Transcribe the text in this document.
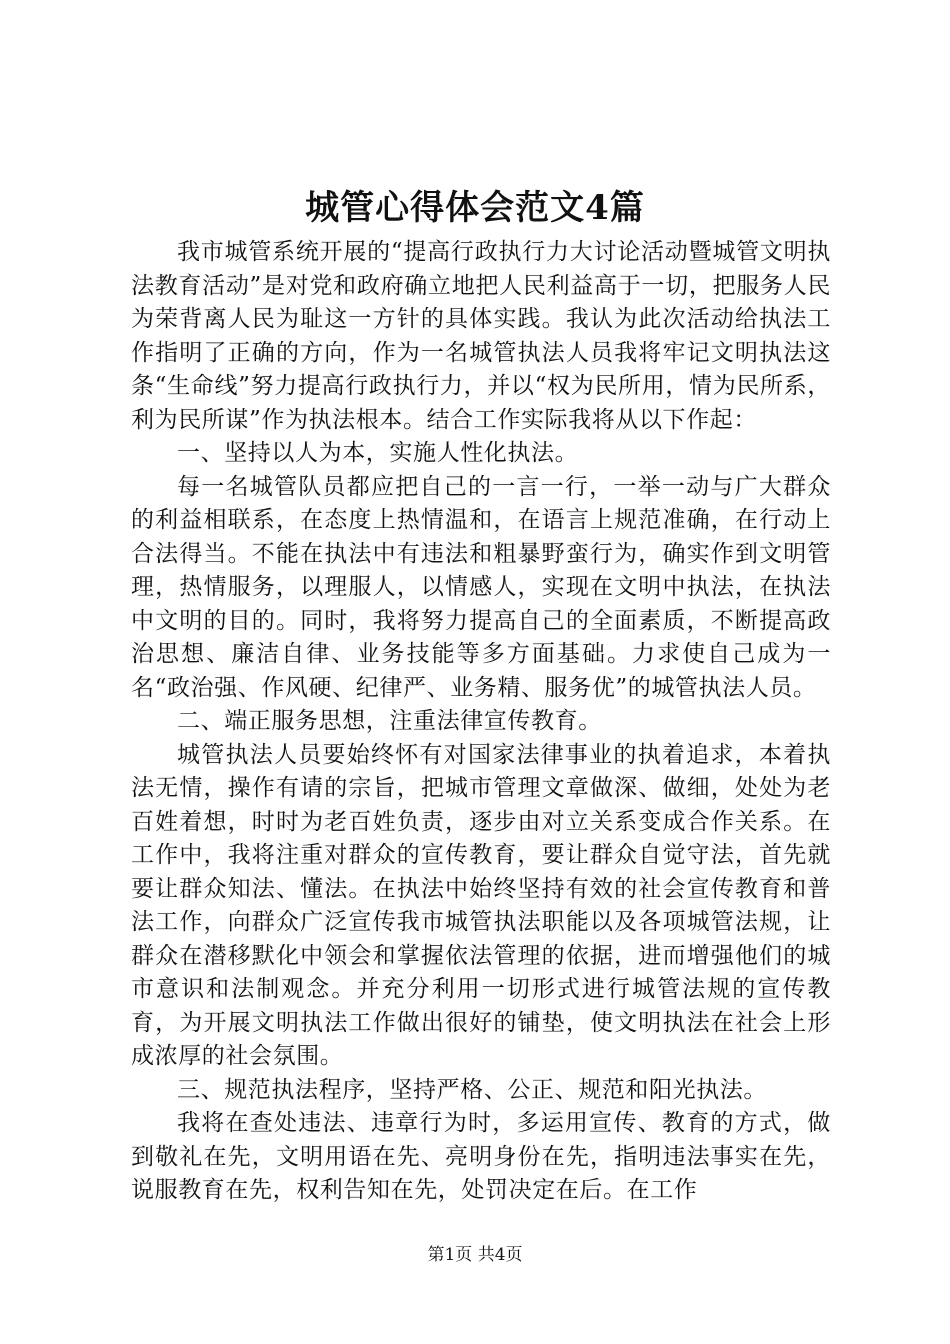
城管心得体会范文4篇

我市城管系统开展的“提高行政执行力大讨论活动暨城管文明执法教育活动”是对党和政府确立地把人民利益高于一切，把服务人民为荣背离人民为耻这一方针的具体实践。我认为此次活动给执法工作指明了正确的方向，作为一名城管执法人员我将牢记文明执法这条“生命线”努力提高行政执行力，并以“权为民所用，情为民所系，利为民所谋”作为执法根本。结合工作实际我将从以下作起：

一、坚持以人为本，实施人性化执法。

每一名城管队员都应把自己的一言一行，一举一动与广大群众的利益相联系，在态度上热情温和，在语言上规范准确，在行动上合法得当。不能在执法中有违法和粗暴野蛮行为，确实作到文明管理，热情服务，以理服人，以情感人，实现在文明中执法，在执法中文明的目的。同时，我将努力提高自己的全面素质，不断提高政治思想、廉洁自律、业务技能等多方面基础。力求使自己成为一名“政治强、作风硬、纪律严、业务精、服务优”的城管执法人员。

二、端正服务思想，注重法律宣传教育。

城管执法人员要始终怀有对国家法律事业的执着追求，本着执法无情，操作有请的宗旨，把城市管理文章做深、做细，处处为老百姓着想，时时为老百姓负责，逐步由对立关系变成合作关系。在工作中，我将注重对群众的宣传教育，要让群众自觉守法，首先就要让群众知法、懂法。在执法中始终坚持有效的社会宣传教育和普法工作，向群众广泛宣传我市城管执法职能以及各项城管法规，让群众在潜移默化中领会和掌握依法管理的依据，进而增强他们的城市意识和法制观念。并充分利用一切形式进行城管法规的宣传教育，为开展文明执法工作做出很好的铺垫，使文明执法在社会上形成浓厚的社会氛围。

三、规范执法程序，坚持严格、公正、规范和阳光执法。

我将在查处违法、违章行为时，多运用宣传、教育的方式，做到敬礼在先，文明用语在先、亮明身份在先，指明违法事实在先，说服教育在先，权利告知在先，处罚决定在后。在工作

第1页 共4页
